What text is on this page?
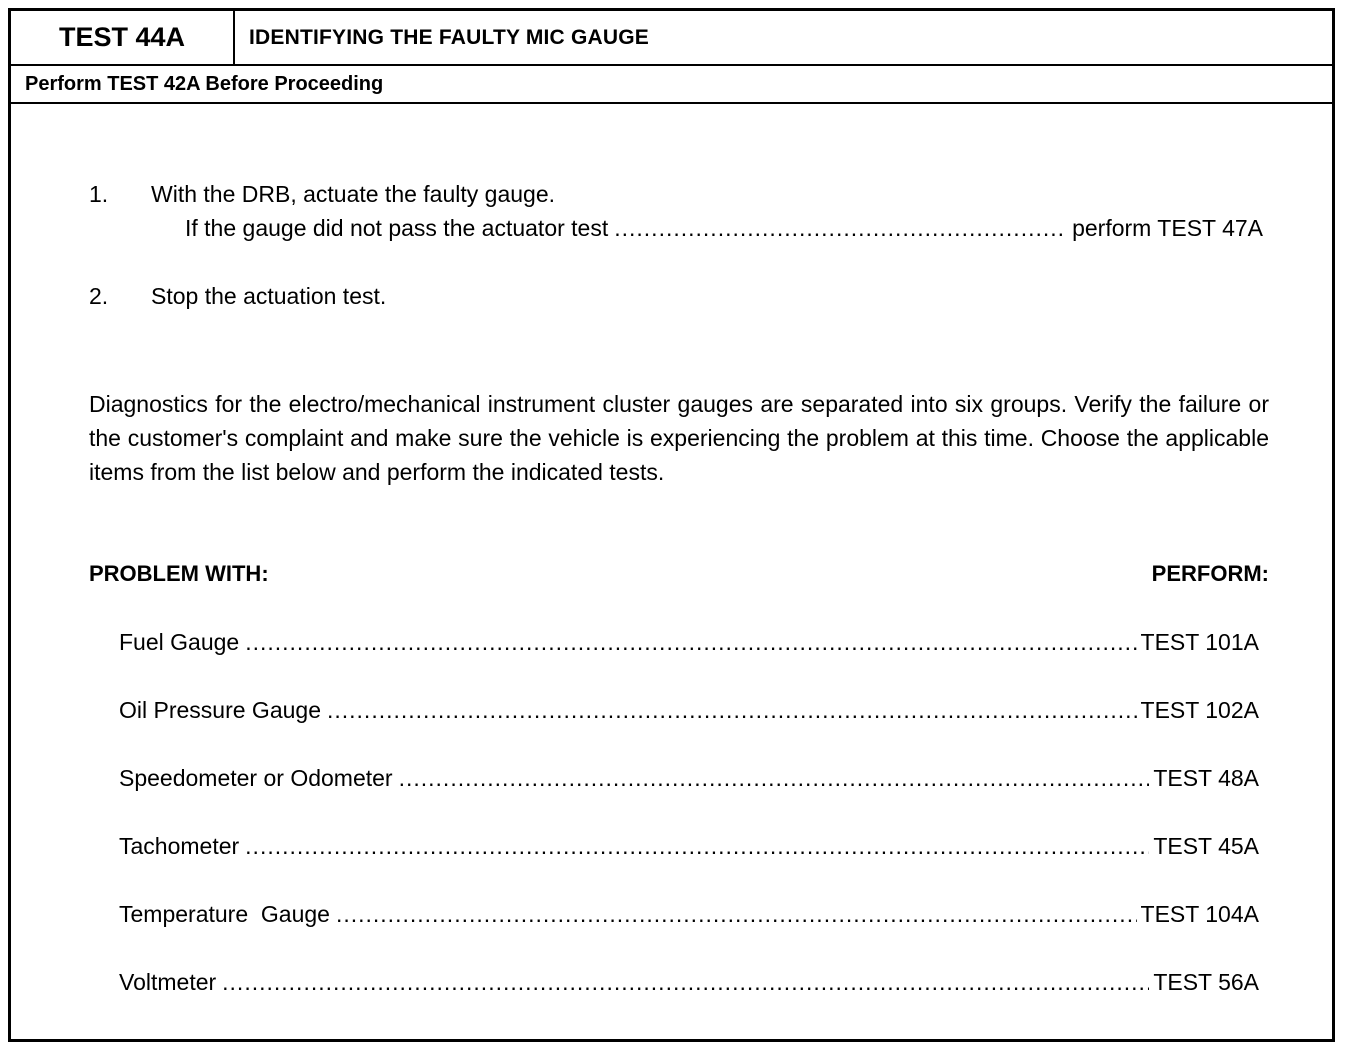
TEST 44A	IDENTIFYING THE FAULTY MIC GAUGE
Perform TEST 42A Before Proceeding
1. With the DRB, actuate the faulty gauge.
If the gauge did not pass the actuator test .....	perform TEST 47A
2. Stop the actuation test.
Diagnostics for the electro/mechanical instrument cluster gauges are separated into six groups. Verify the failure or the customer's complaint and make sure the vehicle is experiencing the problem at this time. Choose the applicable items from the list below and perform the indicated tests.
PROBLEM WITH:	PERFORM:
Fuel Gauge .....	TEST 101A
Oil Pressure Gauge .....	TEST 102A
Speedometer or Odometer .....	TEST 48A
Tachometer .....	TEST 45A
Temperature  Gauge .....	TEST 104A
Voltmeter .....	TEST 56A
